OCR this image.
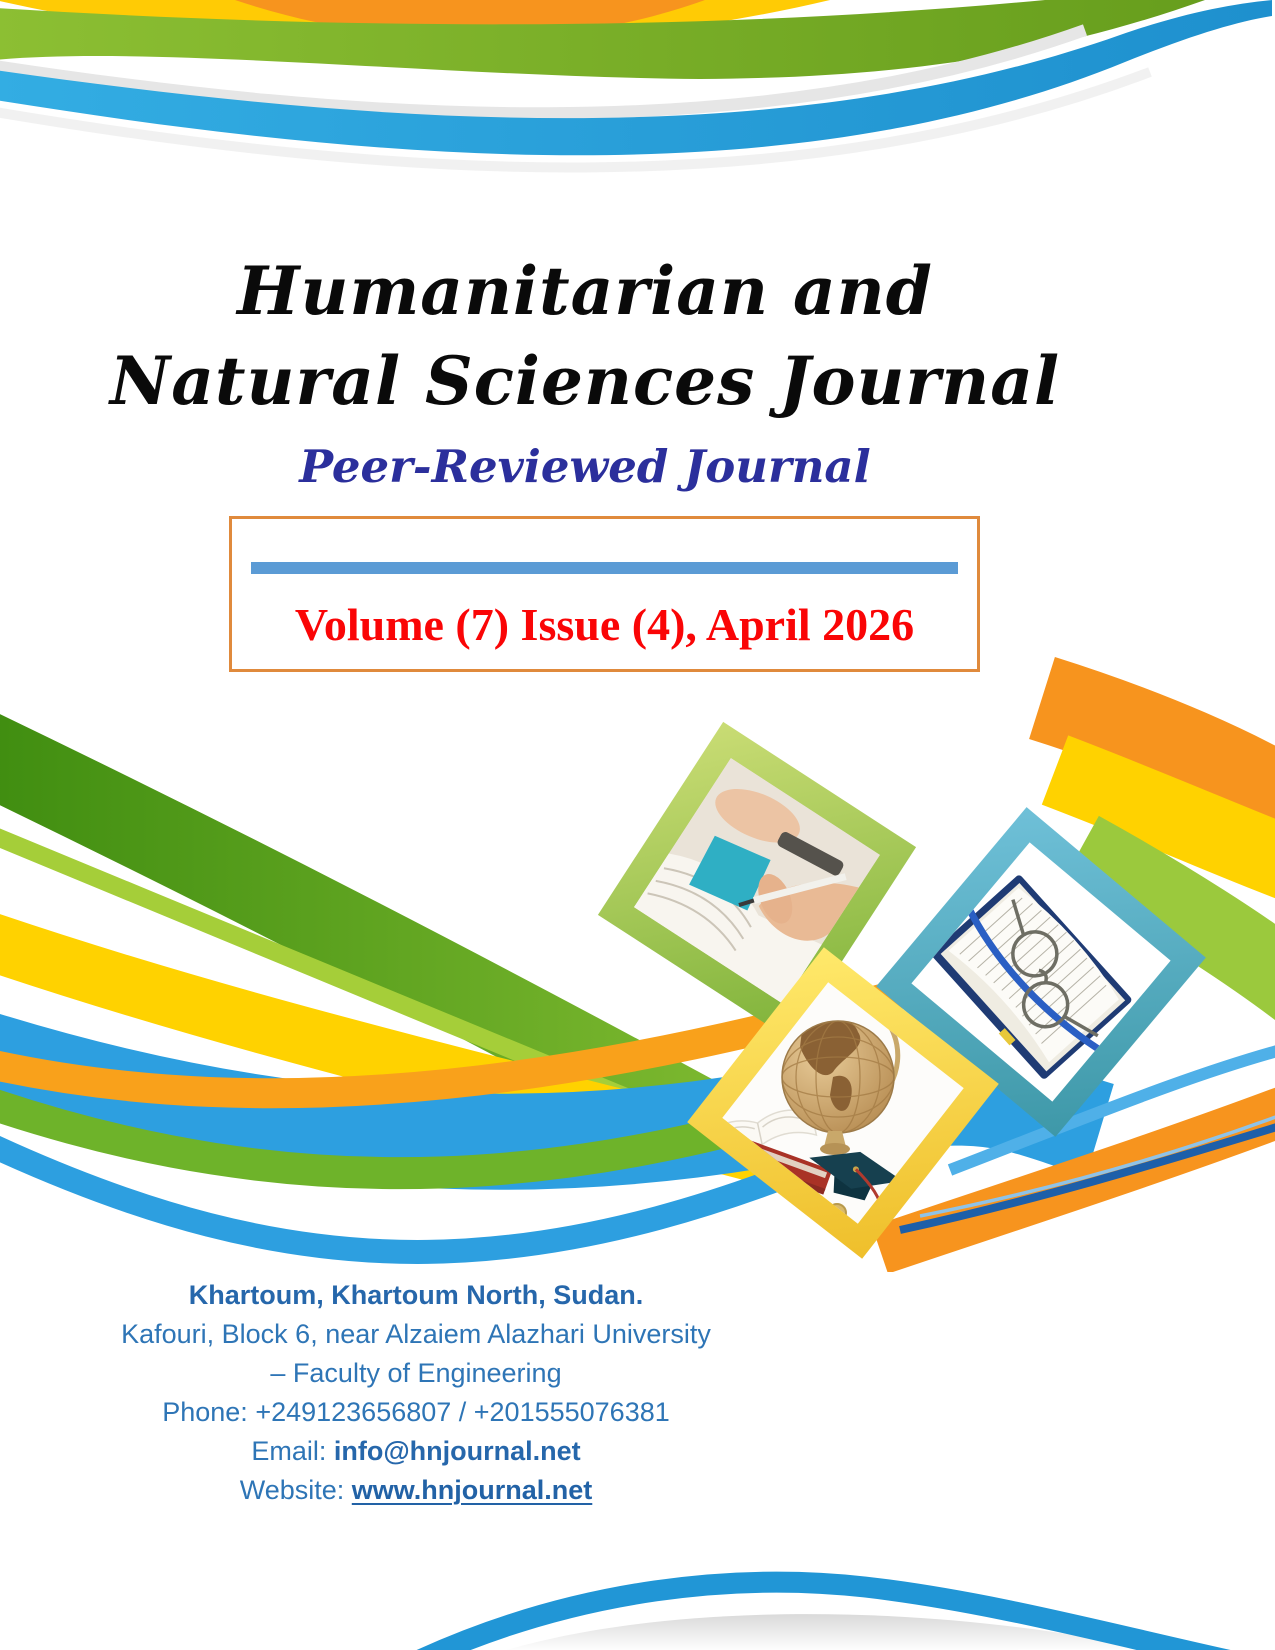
Humanitarian and
Natural Sciences Journal
Peer-Reviewed Journal
Volume (7) Issue (4), April 2026
Khartoum, Khartoum North, Sudan.
Kafouri, Block 6, near Alzaiem Alazhari University
– Faculty of Engineering
Phone: +249123656807 / +201555076381
Email: info@hnjournal.net
Website: www.hnjournal.net
